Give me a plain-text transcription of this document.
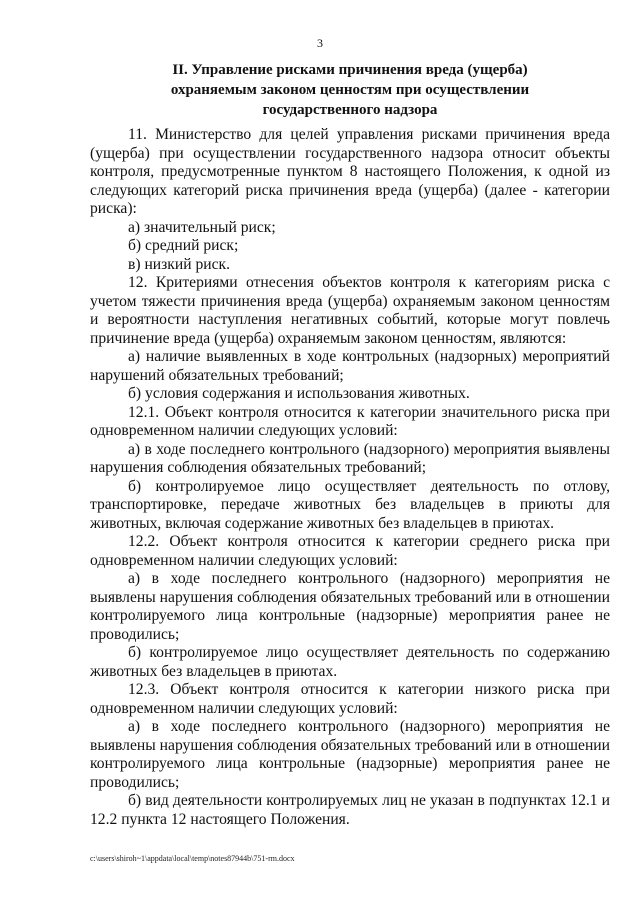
3
II. Управление рисками причинения вреда (ущерба)
охраняемым законом ценностям при осуществлении
государственного надзора

11. Министерство для целей управления рисками причинения вреда (ущерба) при осуществлении государственного надзора относит объекты контроля, предусмотренные пунктом 8 настоящего Положения, к одной из следующих категорий риска причинения вреда (ущерба) (далее - категории риска):

а) значительный риск;

б) средний риск;

в) низкий риск.

12. Критериями отнесения объектов контроля к категориям риска с учетом тяжести причинения вреда (ущерба) охраняемым законом ценностям и вероятности наступления негативных событий, которые могут повлечь причинение вреда (ущерба) охраняемым законом ценностям, являются:

а) наличие выявленных в ходе контрольных (надзорных) мероприятий нарушений обязательных требований;

б) условия содержания и использования животных.

12.1. Объект контроля относится к категории значительного риска при одновременном наличии следующих условий:

а) в ходе последнего контрольного (надзорного) мероприятия выявлены нарушения соблюдения обязательных требований;

б) контролируемое лицо осуществляет деятельность по отлову, транспортировке, передаче животных без владельцев в приюты для животных, включая содержание животных без владельцев в приютах.

12.2. Объект контроля относится к категории среднего риска при одновременном наличии следующих условий:

а) в ходе последнего контрольного (надзорного) мероприятия не выявлены нарушения соблюдения обязательных требований или в отношении контролируемого лица контрольные (надзорные) мероприятия ранее не проводились;

б) контролируемое лицо осуществляет деятельность по содержанию животных без владельцев в приютах.

12.3. Объект контроля относится к категории низкого риска при одновременном наличии следующих условий:

а) в ходе последнего контрольного (надзорного) мероприятия не выявлены нарушения соблюдения обязательных требований или в отношении контролируемого лица контрольные (надзорные) мероприятия ранее не проводились;

б) вид деятельности контролируемых лиц не указан в подпунктах 12.1 и 12.2 пункта 12 настоящего Положения.

c:\users\shiroh~1\appdata\local\temp\notes87944b\751-rm.docx
